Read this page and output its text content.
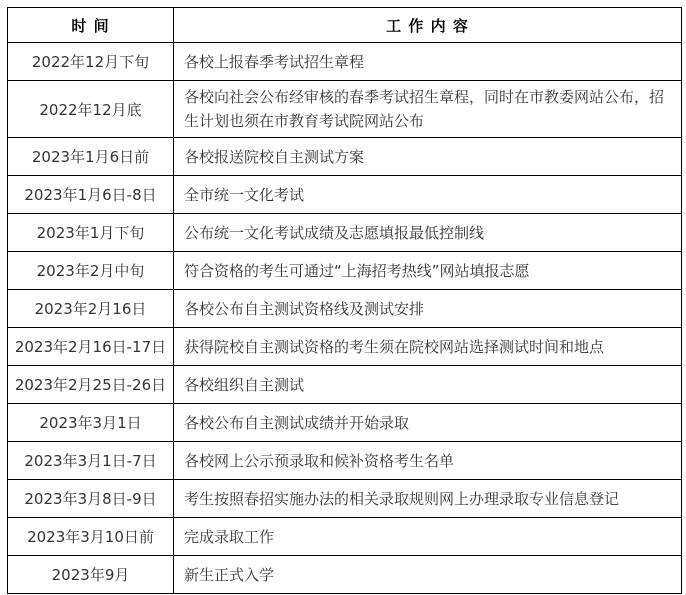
时 间	工 作 内 容
2022年12月下旬	各校上报春季考试招生章程
2022年12月底	各校向社会公布经审核的春季考试招生章程，同时在市教委网站公布，招生计划也须在市教育考试院网站公布
2023年1月6日前	各校报送院校自主测试方案
2023年1月6日-8日	全市统一文化考试
2023年1月下旬	公布统一文化考试成绩及志愿填报最低控制线
2023年2月中旬	符合资格的考生可通过“上海招考热线”网站填报志愿
2023年2月16日	各校公布自主测试资格线及测试安排
2023年2月16日-17日	获得院校自主测试资格的考生须在院校网站选择测试时间和地点
2023年2月25日-26日	各校组织自主测试
2023年3月1日	各校公布自主测试成绩并开始录取
2023年3月1日-7日	各校网上公示预录取和候补资格考生名单
2023年3月8日-9日	考生按照春招实施办法的相关录取规则网上办理录取专业信息登记
2023年3月10日前	完成录取工作
2023年9月	新生正式入学
